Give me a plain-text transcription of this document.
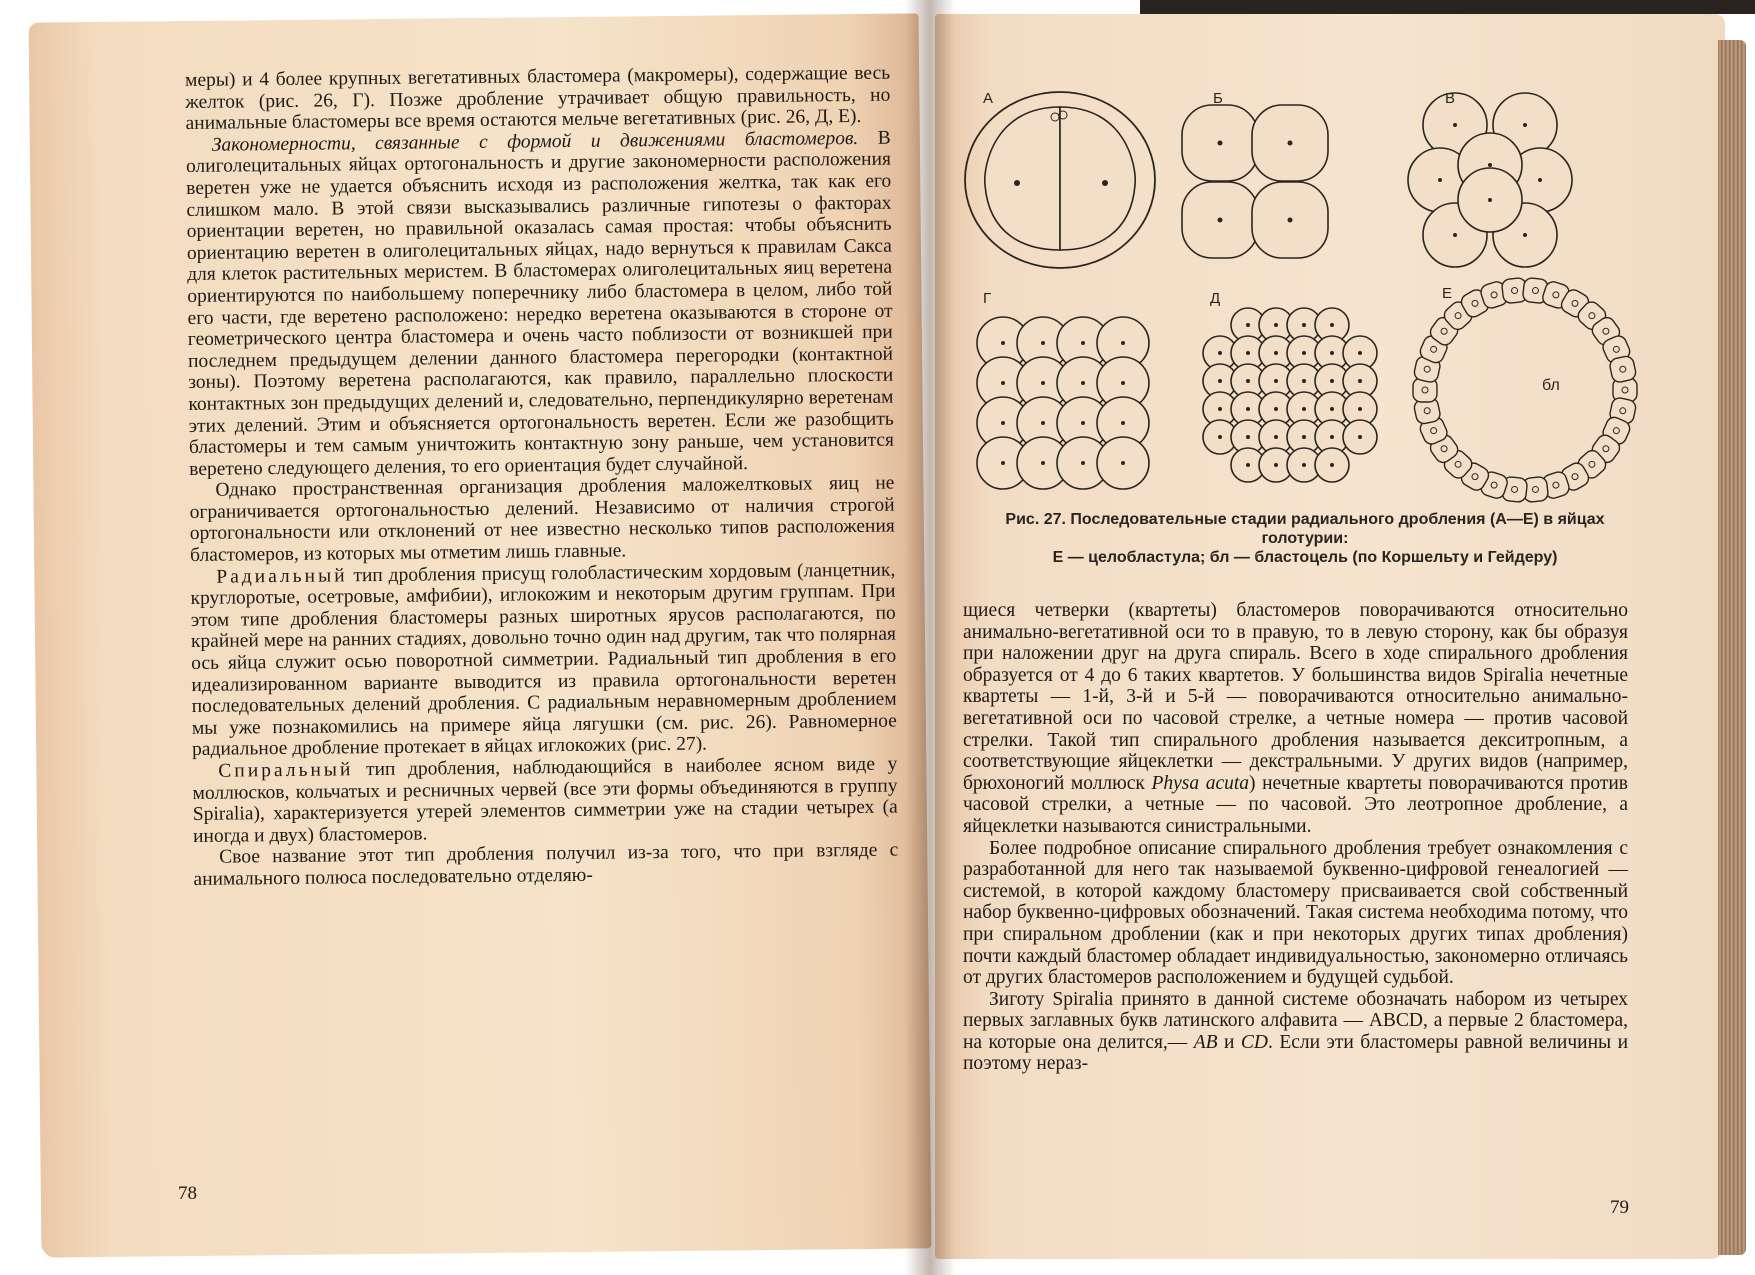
меры) и 4 более крупных вегетативных бластомера (макромеры), содержащие весь желток (рис. 26, Г). Позже дробление утрачивает общую правильность, но анимальные бластомеры все время остаются мельче вегетативных (рис. 26, Д, Е).

Закономерности, связанные с формой и движениями бластомеров. В олиголецитальных яйцах ортогональность и другие закономерности расположения веретен уже не удается объяснить исходя из расположения желтка, так как его слишком мало. В этой связи высказывались различные гипотезы о факторах ориентации веретен, но правильной оказалась самая простая: чтобы объяснить ориентацию веретен в олиголецитальных яйцах, надо вернуться к правилам Сакса для клеток растительных меристем. В бластомерах олиголецитальных яиц веретена ориентируются по наибольшему поперечнику либо бластомера в целом, либо той его части, где веретено расположено: нередко веретена оказываются в стороне от геометрического центра бластомера и очень часто поблизости от возникшей при последнем предыдущем делении данного бластомера перегородки (контактной зоны). Поэтому веретена располагаются, как правило, параллельно плоскости контактных зон предыдущих делений и, следовательно, перпендикулярно веретенам этих делений. Этим и объясняется ортогональность веретен. Если же разобщить бластомеры и тем самым уничтожить контактную зону раньше, чем установится веретено следующего деления, то его ориентация будет случайной.

Однако пространственная организация дробления маложелтковых яиц не ограничивается ортогональностью делений. Независимо от наличия строгой ортогональности или отклонений от нее известно несколько типов расположения бластомеров, из которых мы отметим лишь главные.

Радиальный тип дробления присущ голобластическим хордовым (ланцетник, круглоротые, осетровые, амфибии), иглокожим и некоторым другим группам. При этом типе дробления бластомеры разных широтных ярусов располагаются, по крайней мере на ранних стадиях, довольно точно один над другим, так что полярная ось яйца служит осью поворотной симметрии. Радиальный тип дробления в его идеализированном варианте выводится из правила ортогональности веретен последовательных делений дробления. С радиальным неравномерным дроблением мы уже познакомились на примере яйца лягушки (см. рис. 26). Равномерное радиальное дробление протекает в яйцах иглокожих (рис. 27).

Спиральный тип дробления, наблюдающийся в наиболее ясном виде у моллюсков, кольчатых и ресничных червей (все эти формы объединяются в группу Spiralia), характеризуется утерей элементов симметрии уже на стадии четырех (а иногда и двух) бластомеров.

Свое название этот тип дробления получил из-за того, что при взгляде с анимального полюса последовательно отделяю-

78
А	Б	В
Г	Д	Е
бл
Рис. 27. Последовательные стадии радиального дробления (А—Е) в яйцах голотурии:
Е — целобластула; бл — бластоцель (по Коршельту и Гейдеру)

щиеся четверки (квартеты) бластомеров поворачиваются относительно анимально-вегетативной оси то в правую, то в левую сторону, как бы образуя при наложении друг на друга спираль. Всего в ходе спирального дробления образуется от 4 до 6 таких квартетов. У большинства видов Spiralia нечетные квартеты — 1-й, 3-й и 5-й — поворачиваются относительно анимально-вегетативной оси по часовой стрелке, а четные номера — против часовой стрелки. Такой тип спирального дробления называется декситропным, а соответствующие яйцеклетки — декстральными. У других видов (например, брюхоногий моллюск Physa acuta) нечетные квартеты поворачиваются против часовой стрелки, а четные — по часовой. Это леотропное дробление, а яйцеклетки называются синистральными.

Более подробное описание спирального дробления требует ознакомления с разработанной для него так называемой буквенно-цифровой генеалогией — системой, в которой каждому бластомеру присваивается свой собственный набор буквенно-цифровых обозначений. Такая система необходима потому, что при спиральном дроблении (как и при некоторых других типах дробления) почти каждый бластомер обладает индивидуальностью, закономерно отличаясь от других бластомеров расположением и будущей судьбой.

Зиготу Spiralia принято в данной системе обозначать набором из четырех первых заглавных букв латинского алфавита — ABCD, а первые 2 бластомера, на которые она делится,— AB и CD. Если эти бластомеры равной величины и поэтому нераз-

79
